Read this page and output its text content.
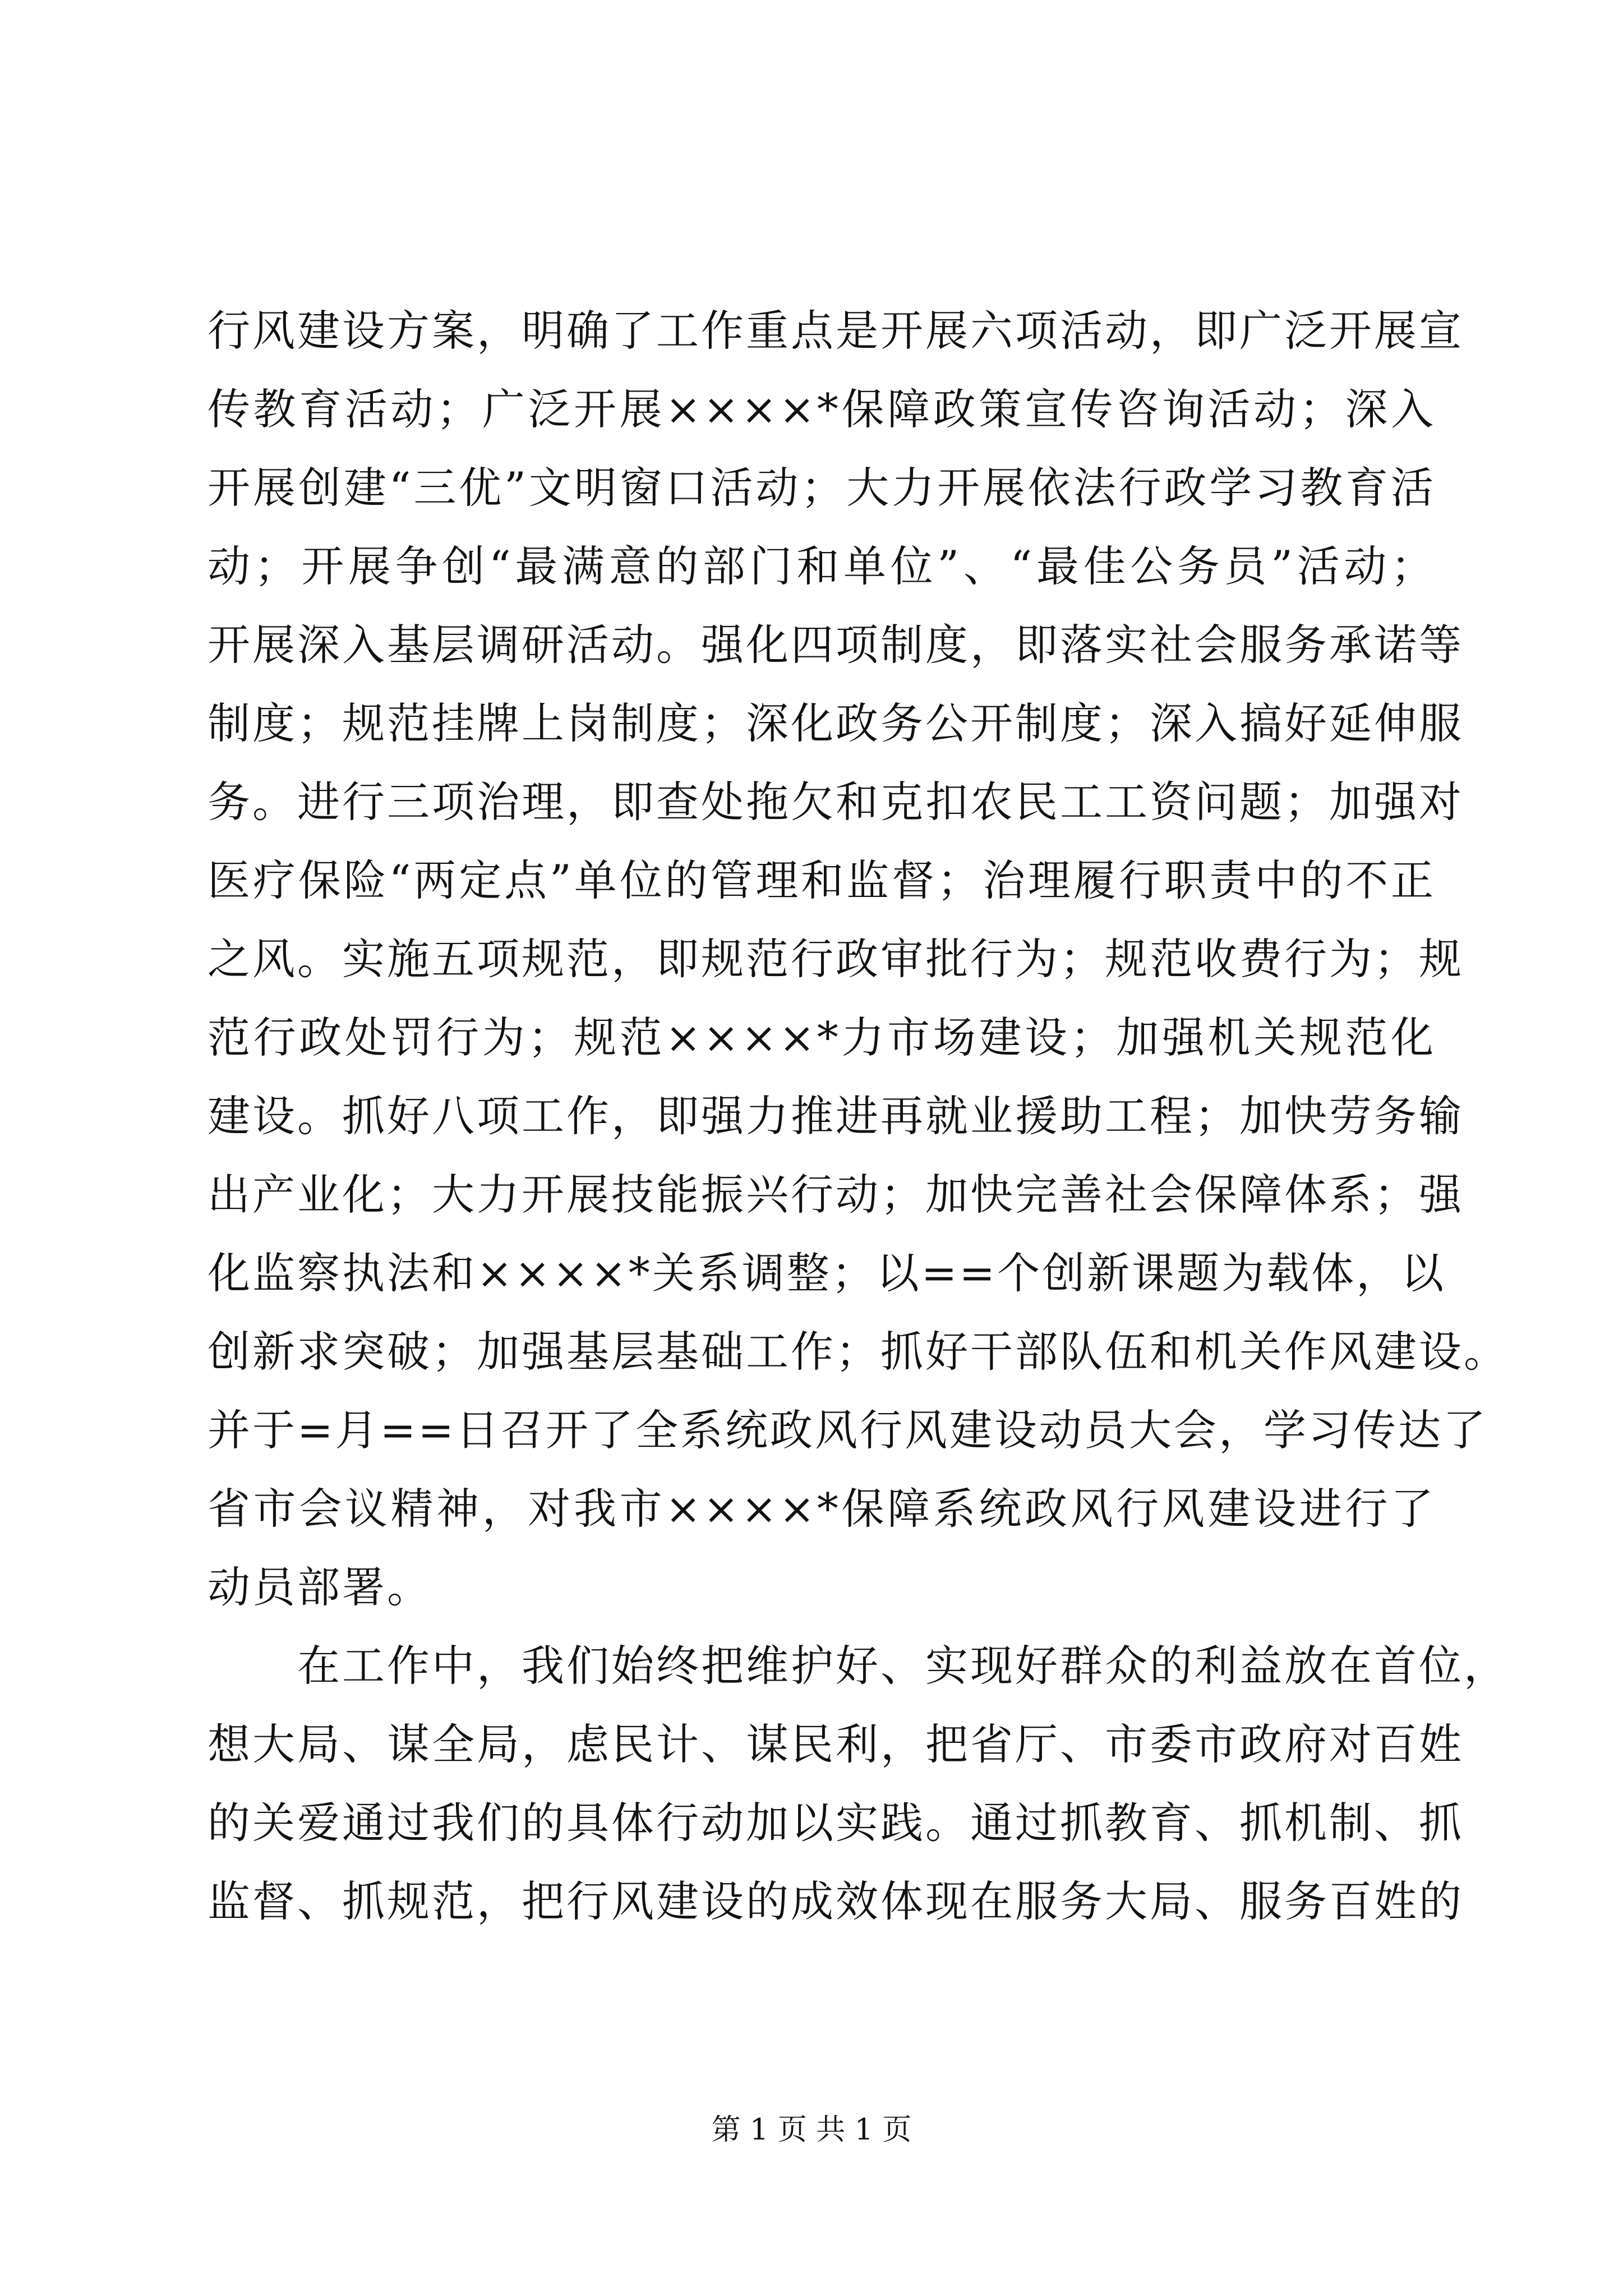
行风建设方案，明确了工作重点是开展六项活动，即广泛开展宣
传教育活动；广泛开展××××*保障政策宣传咨询活动；深入
开展创建“三优”文明窗口活动；大力开展依法行政学习教育活
动；开展争创“最满意的部门和单位”、“最佳公务员”活动；
开展深入基层调研活动。强化四项制度，即落实社会服务承诺等
制度；规范挂牌上岗制度；深化政务公开制度；深入搞好延伸服
务。进行三项治理，即查处拖欠和克扣农民工工资问题；加强对
医疗保险“两定点”单位的管理和监督；治理履行职责中的不正
之风。实施五项规范，即规范行政审批行为；规范收费行为；规
范行政处罚行为；规范××××*力市场建设；加强机关规范化
建设。抓好八项工作，即强力推进再就业援助工程；加快劳务输
出产业化；大力开展技能振兴行动；加快完善社会保障体系；强
化监察执法和××××*关系调整；以==个创新课题为载体，以
创新求突破；加强基层基础工作；抓好干部队伍和机关作风建设。
并于=月==日召开了全系统政风行风建设动员大会，学习传达了
省市会议精神，对我市××××*保障系统政风行风建设进行了
动员部署。
在工作中，我们始终把维护好、实现好群众的利益放在首位，
想大局、谋全局，虑民计、谋民利，把省厅、市委市政府对百姓
的关爱通过我们的具体行动加以实践。通过抓教育、抓机制、抓
监督、抓规范，把行风建设的成效体现在服务大局、服务百姓的
第 1 页 共 1 页
